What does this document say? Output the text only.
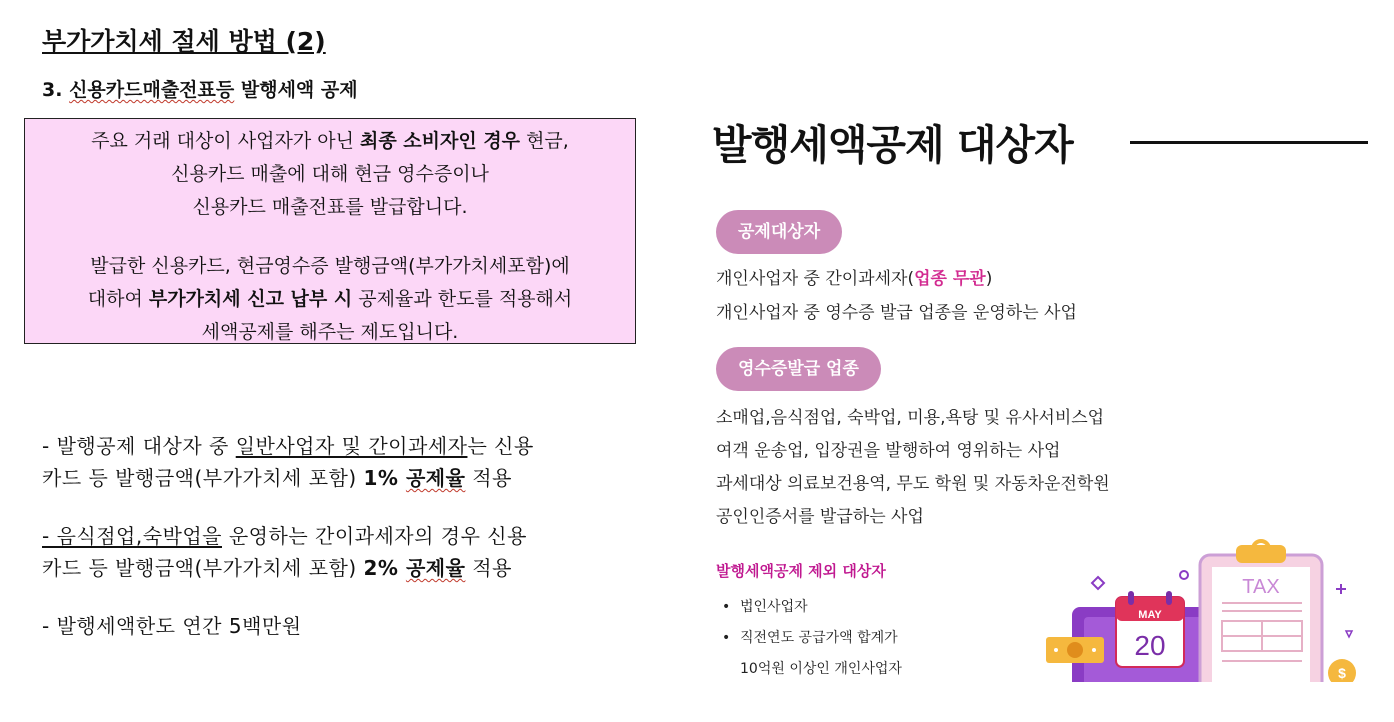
부가가치세 절세 방법 (2)
3. 신용카드매출전표등 발행세액 공제

주요 거래 대상이 사업자가 아닌 최종 소비자인 경우 현금,

신용카드 매출에 대해 현금 영수증이나

신용카드 매출전표를 발급합니다.

발급한 신용카드, 현금영수증 발행금액(부가가치세포함)에

대하여 부가가치세 신고 납부 시 공제율과 한도를 적용해서

세액공제를 해주는 제도입니다.

- 발행공제 대상자 중 일반사업자 및 간이과세자는 신용
카드 등 발행금액(부가가치세 포함) 1% 공제율 적용

- 음식점업,숙박업을 운영하는 간이과세자의 경우 신용
카드 등 발행금액(부가가치세 포함) 2% 공제율 적용

- 발행세액한도 연간 5백만원

발행세액공제 대상자
공제대상자
개인사업자 중 간이과세자(업종 무관)
개인사업자 중 영수증 발급 업종을 운영하는 사업
영수증발급 업종
소매업,음식점업, 숙박업, 미용,욕탕 및 유사서비스업
여객 운송업, 입장권을 발행하여 영위하는 사업
과세대상 의료보건용역, 무도 학원 및 자동차운전학원
공인인증서를 발급하는 사업
발행세액공제 제외 대상자
• 법인사업자
• 직전연도 공급가액 합계가
10억원 이상인 개인사업자
MAY
20
TAX
$
